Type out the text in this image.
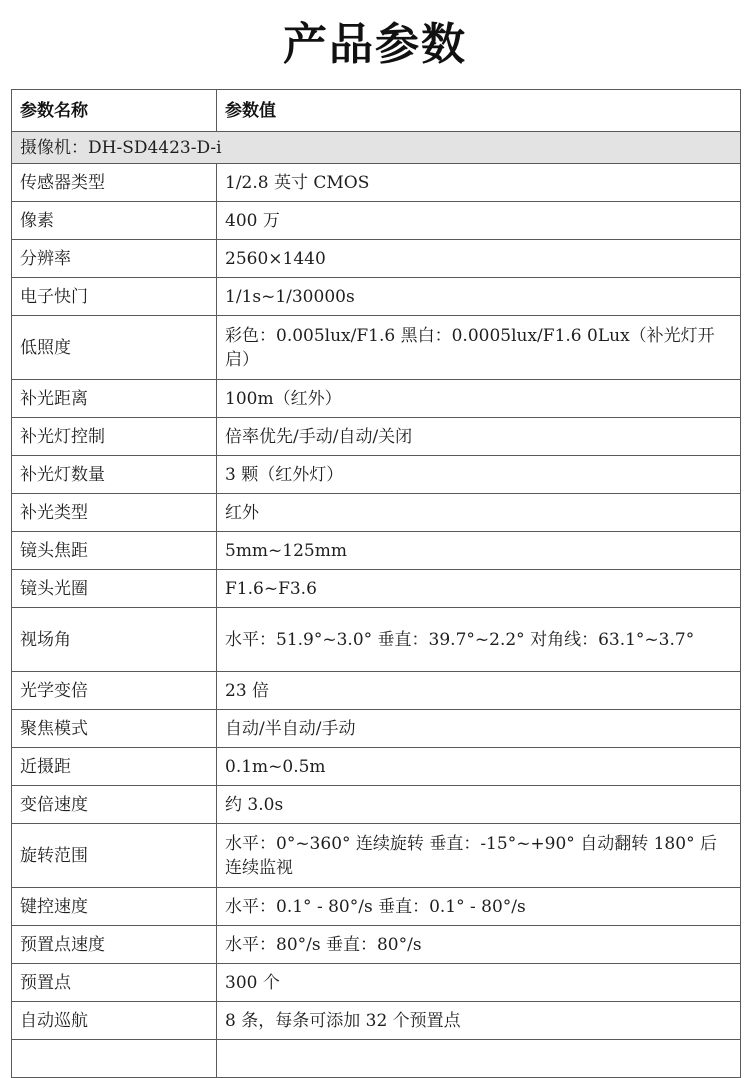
产品参数
参数名称	参数值
摄像机：DH-SD4423-D-i	
传感器类型	1/2.8 英寸 CMOS
像素	400 万
分辨率	2560×1440
电子快门	1/1s~1/30000s
低照度	彩色：0.005lux/F1.6 黑白：0.0005lux/F1.6 0Lux（补光灯开启）
补光距离	100m（红外）
补光灯控制	倍率优先/手动/自动/关闭
补光灯数量	3 颗（红外灯）
补光类型	红外
镜头焦距	5mm~125mm
镜头光圈	F1.6~F3.6
视场角	水平：51.9°~3.0° 垂直：39.7°~2.2° 对角线：63.1°~3.7°
光学变倍	23 倍
聚焦模式	自动/半自动/手动
近摄距	0.1m~0.5m
变倍速度	约 3.0s
旋转范围	水平：0°~360° 连续旋转 垂直：-15°~+90° 自动翻转 180° 后连续监视
键控速度	水平：0.1° - 80°/s 垂直：0.1° - 80°/s
预置点速度	水平：80°/s 垂直：80°/s
预置点	300 个
自动巡航	8 条，每条可添加 32 个预置点
